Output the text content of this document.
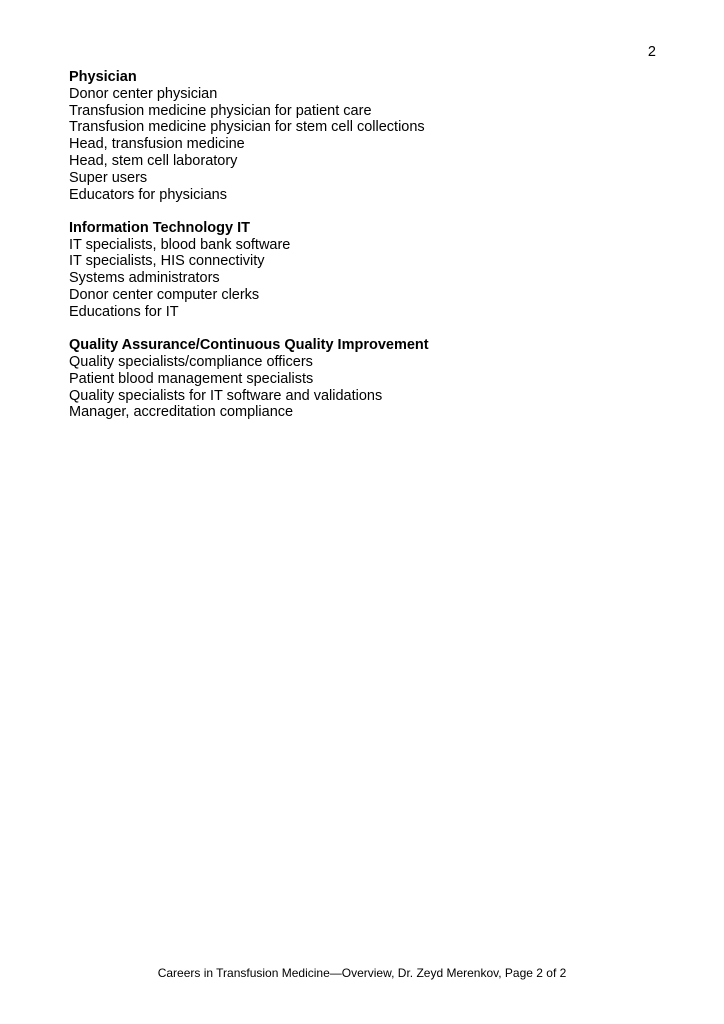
2
Physician
Donor center physician
Transfusion medicine physician for patient care
Transfusion medicine physician for stem cell collections
Head, transfusion medicine
Head, stem cell laboratory
Super users
Educators for physicians
Information Technology IT
IT specialists, blood bank software
IT specialists, HIS connectivity
Systems administrators
Donor center computer clerks
Educations for IT
Quality Assurance/Continuous Quality Improvement
Quality specialists/compliance officers
Patient blood management specialists
Quality specialists for IT software and validations
Manager, accreditation compliance
Careers in Transfusion Medicine—Overview, Dr. Zeyd Merenkov, Page 2 of 2
